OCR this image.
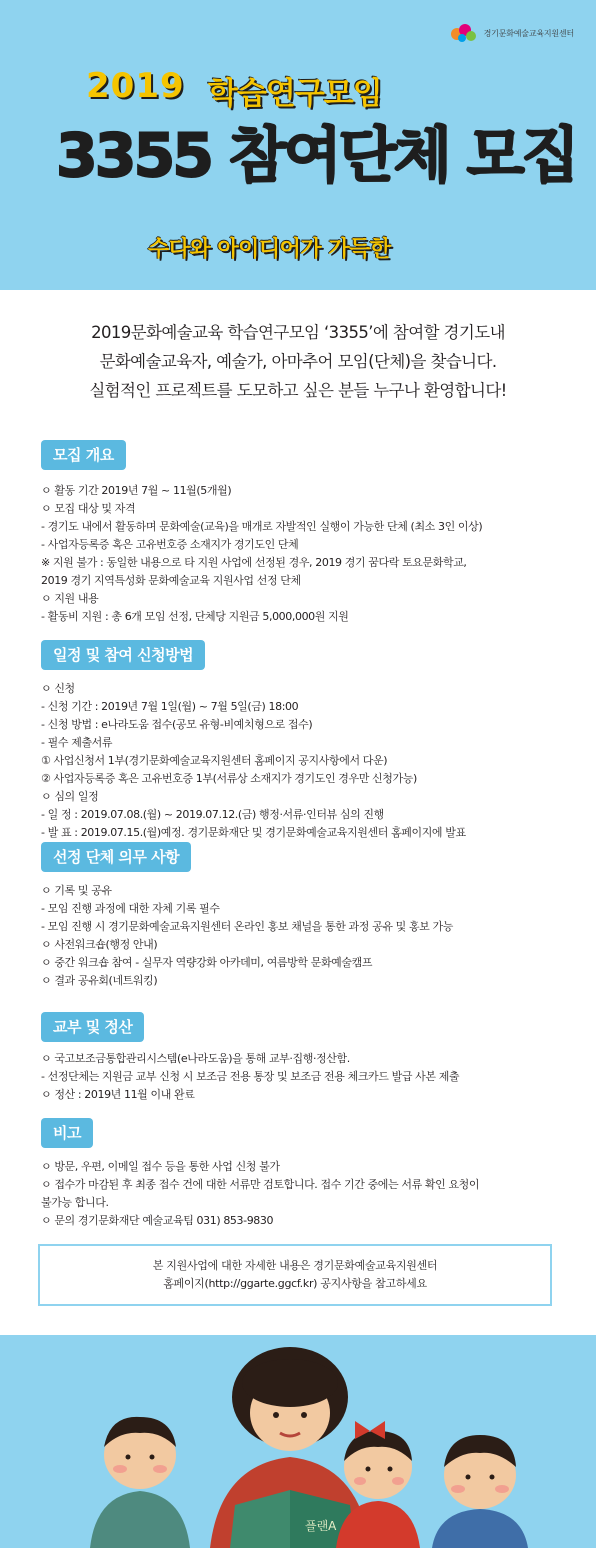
경기문화예술교육지원센터
2019 학습연구모임
3355 참여단체 모집
수다와 아이디어가 가득한
2019문화예술교육 학습연구모임 ‘3355’에 참여할 경기도내
문화예술교육자, 예술가, 아마추어 모임(단체)을 찾습니다.
실험적인 프로젝트를 도모하고 싶은 분들 누구나 환영합니다!
모집 개요
ㅇ 활동 기간 2019년 7월 ~ 11월(5개월)
ㅇ 모집 대상 및 자격
- 경기도 내에서 활동하며 문화예술(교육)을 매개로 자발적인 실행이 가능한 단체 (최소 3인 이상)
- 사업자등록증 혹은 고유번호증 소재지가 경기도인 단체
※ 지원 불가 : 동일한 내용으로 타 지원 사업에 선정된 경우, 2019 경기 꿈다락 토요문화학교,
2019 경기 지역특성화 문화예술교육 지원사업 선정 단체
ㅇ 지원 내용
- 활동비 지원 : 총 6개 모임 선정, 단체당 지원금 5,000,000원 지원
일정 및 참여 신청방법
ㅇ 신청
- 신청 기간 : 2019년 7월 1일(월) ~ 7월 5일(금) 18:00
- 신청 방법 : e나라도움 접수(공모 유형-비예치형으로 접수)
- 필수 제출서류
① 사업신청서 1부(경기문화예술교육지원센터 홈페이지 공지사항에서 다운)
② 사업자등록증 혹은 고유번호증 1부(서류상 소재지가 경기도인 경우만 신청가능)
ㅇ 심의 일정
- 일 정 : 2019.07.08.(월) ~ 2019.07.12.(금) 행정·서류·인터뷰 심의 진행
- 발 표 : 2019.07.15.(월)예정. 경기문화재단 및 경기문화예술교육지원센터 홈페이지에 발표
선정 단체 의무 사항
ㅇ 기록 및 공유
- 모임 진행 과정에 대한 자체 기록 필수
- 모임 진행 시 경기문화예술교육지원센터 온라인 홍보 채널을 통한 과정 공유 및 홍보 가능
ㅇ 사전워크숍(행정 안내)
ㅇ 중간 워크숍 참여 - 실무자 역량강화 아카데미, 여름방학 문화예술캠프
ㅇ 결과 공유회(네트워킹)
교부 및 정산
ㅇ 국고보조금통합관리시스템(e나라도움)을 통해 교부·집행·정산함.
- 선정단체는 지원금 교부 신청 시 보조금 전용 통장 및 보조금 전용 체크카드 발급 사본 제출
ㅇ 정산 : 2019년 11월 이내 완료
비고
ㅇ 방문, 우편, 이메일 접수 등을 통한 사업 신청 불가
ㅇ 접수가 마감된 후 최종 접수 건에 대한 서류만 검토합니다. 접수 기간 중에는 서류 확인 요청이
불가능 합니다.
ㅇ 문의 경기문화재단 예술교육팀 031) 853-9830
본 지원사업에 대한 자세한 내용은 경기문화예술교육지원센터
홈페이지(http://ggarte.ggcf.kr) 공지사항을 참고하세요
플랜A
